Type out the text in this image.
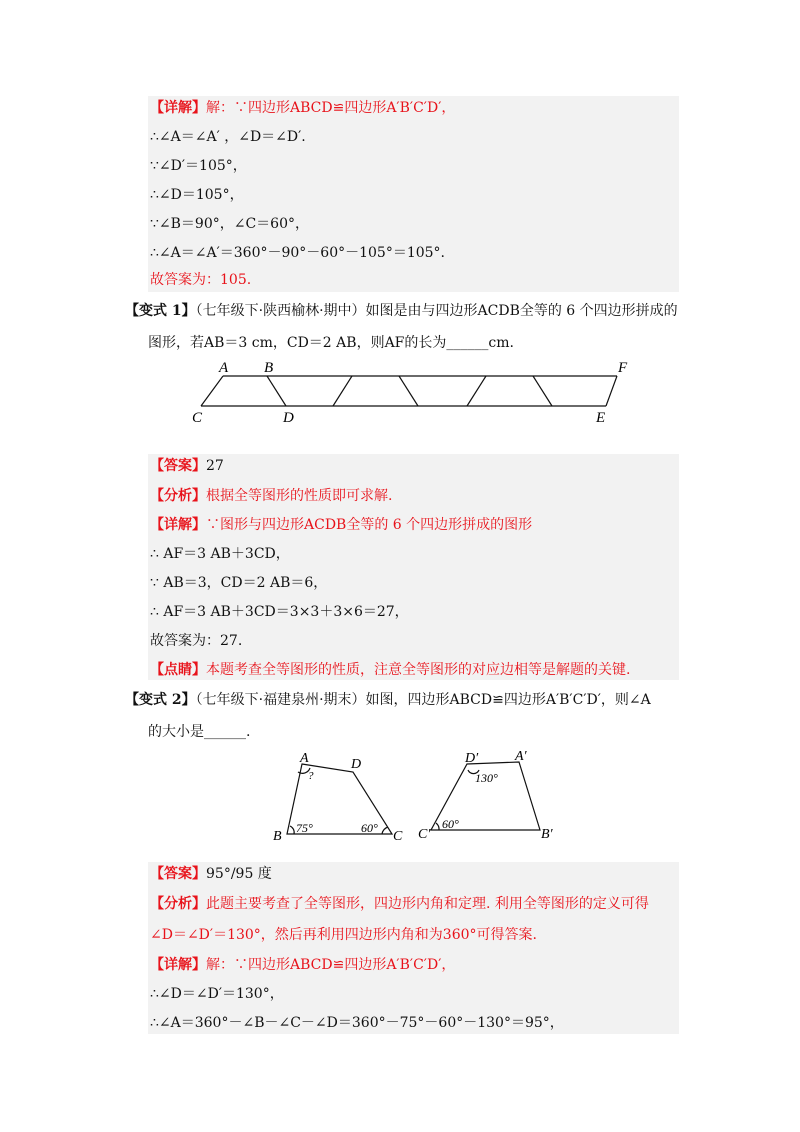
【详解】解：∵四边形ABCD≌四边形A′B′C′D′，
∴∠A＝∠A′ ，∠D＝∠D′.
∵∠D′＝105°，
∴∠D＝105°，
∵∠B＝90°，∠C＝60°，
∴∠A＝∠A′＝360°－90°－60°－105°＝105°.
故答案为：105.
【变式 1】（七年级下·陕西榆林·期中）如图是由与四边形ACDB全等的 6 个四边形拼成的
图形，若AB＝3 cm，CD＝2 AB，则AF的长为______cm.
A B	F
C	D	E
【答案】27
【分析】根据全等图形的性质即可求解.
【详解】∵图形与四边形ACDB全等的 6 个四边形拼成的图形
∴ AF＝3 AB＋3CD，
∵ AB＝3，CD＝2 AB＝6，
∴ AF＝3 AB＋3CD＝3×3＋3×6＝27，
故答案为：27.
【点睛】本题考查全等图形的性质，注意全等图形的对应边相等是解题的关键.
【变式 2】（七年级下·福建泉州·期末）如图，四边形ABCD≌四边形A′B′C′D′，则∠A
的大小是______.
A	D
?
B
75°	60°
C
D′	A′
130°
C′
60°
B′
【答案】95°/95 度
【分析】此题主要考查了全等图形，四边形内角和定理. 利用全等图形的定义可得
∠D＝∠D′＝130°，然后再利用四边形内角和为360°可得答案.
【详解】解：∵四边形ABCD≌四边形A′B′C′D′，
∴∠D＝∠D′＝130°，
∴∠A＝360°－∠B－∠C－∠D＝360°－75°－60°－130°＝95°，
